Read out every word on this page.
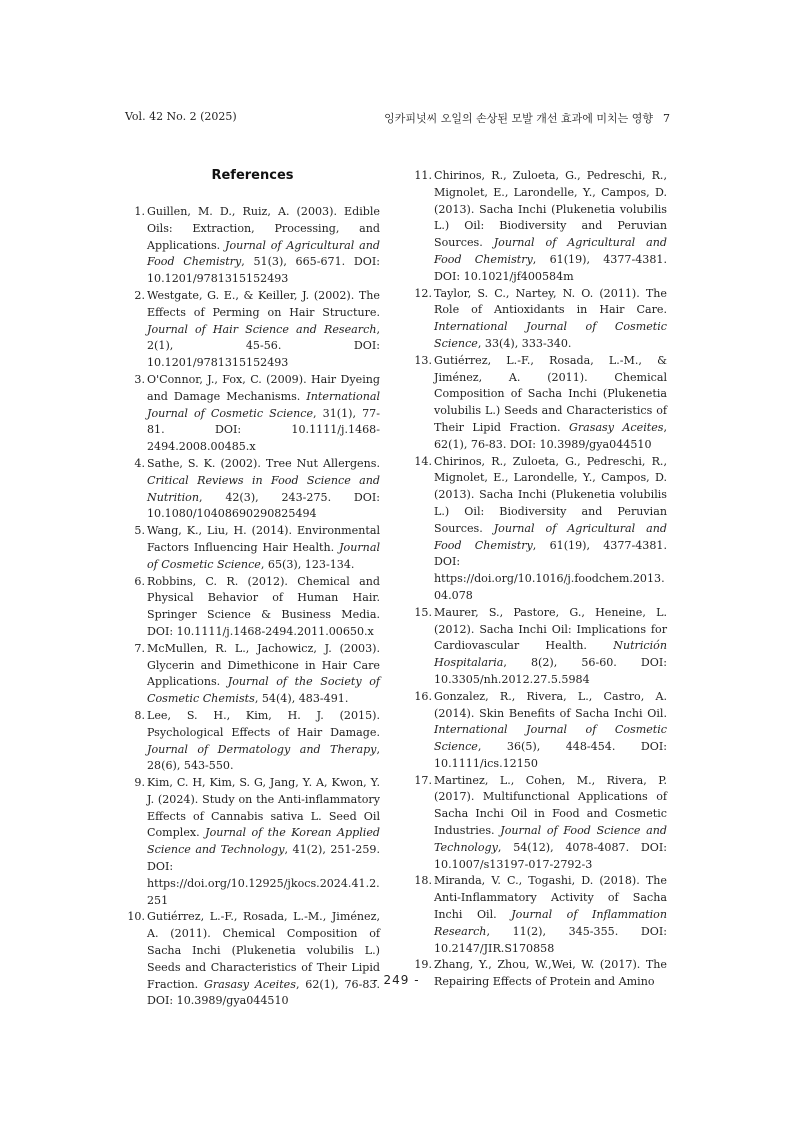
Vol. 42 No. 2 (2025)	잉카피넛씨 오일의 손상된 모발 개선 효과에 미치는 영향 7
References
1. Guillen, M. D., Ruiz, A. (2003). Edible Oils: Extraction, Processing, and Applications. Journal of Agricultural and Food Chemistry, 51(3), 665-671. DOI: 10.1201/9781315152493
2. Westgate, G. E., & Keiller, J. (2002). The Effects of Perming on Hair Structure. Journal of Hair Science and Research, 2(1), 45-56. DOI: 10.1201/9781315152493
3. O'Connor, J., Fox, C. (2009). Hair Dyeing and Damage Mechanisms. International Journal of Cosmetic Science, 31(1), 77-81. DOI: 10.1111/j.1468-2494.2008.00485.x
4. Sathe, S. K. (2002). Tree Nut Allergens. Critical Reviews in Food Science and Nutrition, 42(3), 243-275. DOI: 10.1080/10408690290825494
5. Wang, K., Liu, H. (2014). Environmental Factors Influencing Hair Health. Journal of Cosmetic Science, 65(3), 123-134.
6. Robbins, C. R. (2012). Chemical and Physical Behavior of Human Hair. Springer Science & Business Media. DOI: 10.1111/j.1468-2494.2011.00650.x
7. McMullen, R. L., Jachowicz, J. (2003). Glycerin and Dimethicone in Hair Care Applications. Journal of the Society of Cosmetic Chemists, 54(4), 483-491.
8. Lee, S. H., Kim, H. J. (2015). Psychological Effects of Hair Damage. Journal of Dermatology and Therapy, 28(6), 543-550.
9. Kim, C. H, Kim, S. G, Jang, Y. A, Kwon, Y. J. (2024). Study on the Anti-inflammatory Effects of Cannabis sativa L. Seed Oil Complex. Journal of the Korean Applied Science and Technology, 41(2), 251-259. DOI: https://doi.org/10.12925/jkocs.2024.41.2.251
10. Gutiérrez, L.-F., Rosada, L.-M., Jiménez, A. (2011). Chemical Composition of Sacha Inchi (Plukenetia volubilis L.) Seeds and Characteristics of Their Lipid Fraction. Grasasy Aceites, 62(1), 76-83. DOI: 10.3989/gya044510
11. Chirinos, R., Zuloeta, G., Pedreschi, R., Mignolet, E., Larondelle, Y., Campos, D. (2013). Sacha Inchi (Plukenetia volubilis L.) Oil: Biodiversity and Peruvian Sources. Journal of Agricultural and Food Chemistry, 61(19), 4377-4381. DOI: 10.1021/jf400584m
12. Taylor, S. C., Nartey, N. O. (2011). The Role of Antioxidants in Hair Care. International Journal of Cosmetic Science, 33(4), 333-340.
13. Gutiérrez, L.-F., Rosada, L.-M., & Jiménez, A. (2011). Chemical Composition of Sacha Inchi (Plukenetia volubilis L.) Seeds and Characteristics of Their Lipid Fraction. Grasasy Aceites, 62(1), 76-83. DOI: 10.3989/gya044510
14. Chirinos, R., Zuloeta, G., Pedreschi, R., Mignolet, E., Larondelle, Y., Campos, D. (2013). Sacha Inchi (Plukenetia volubilis L.) Oil: Biodiversity and Peruvian Sources. Journal of Agricultural and Food Chemistry, 61(19), 4377-4381. DOI: https://doi.org/10.1016/j.foodchem.2013.04.078
15. Maurer, S., Pastore, G., Heneine, L. (2012). Sacha Inchi Oil: Implications for Cardiovascular Health. Nutrición Hospitalaria, 8(2), 56-60. DOI: 10.3305/nh.2012.27.5.5984
16. Gonzalez, R., Rivera, L., Castro, A. (2014). Skin Benefits of Sacha Inchi Oil. International Journal of Cosmetic Science, 36(5), 448-454. DOI: 10.1111/ics.12150
17. Martinez, L., Cohen, M., Rivera, P. (2017). Multifunctional Applications of Sacha Inchi Oil in Food and Cosmetic Industries. Journal of Food Science and Technology, 54(12), 4078-4087. DOI: 10.1007/s13197-017-2792-3
18. Miranda, V. C., Togashi, D. (2018). The Anti-Inflammatory Activity of Sacha Inchi Oil. Journal of Inflammation Research, 11(2), 345-355. DOI: 10.2147/JIR.S170858
19. Zhang, Y., Zhou, W.,Wei, W. (2017). The Repairing Effects of Protein and Amino
- 249 -
